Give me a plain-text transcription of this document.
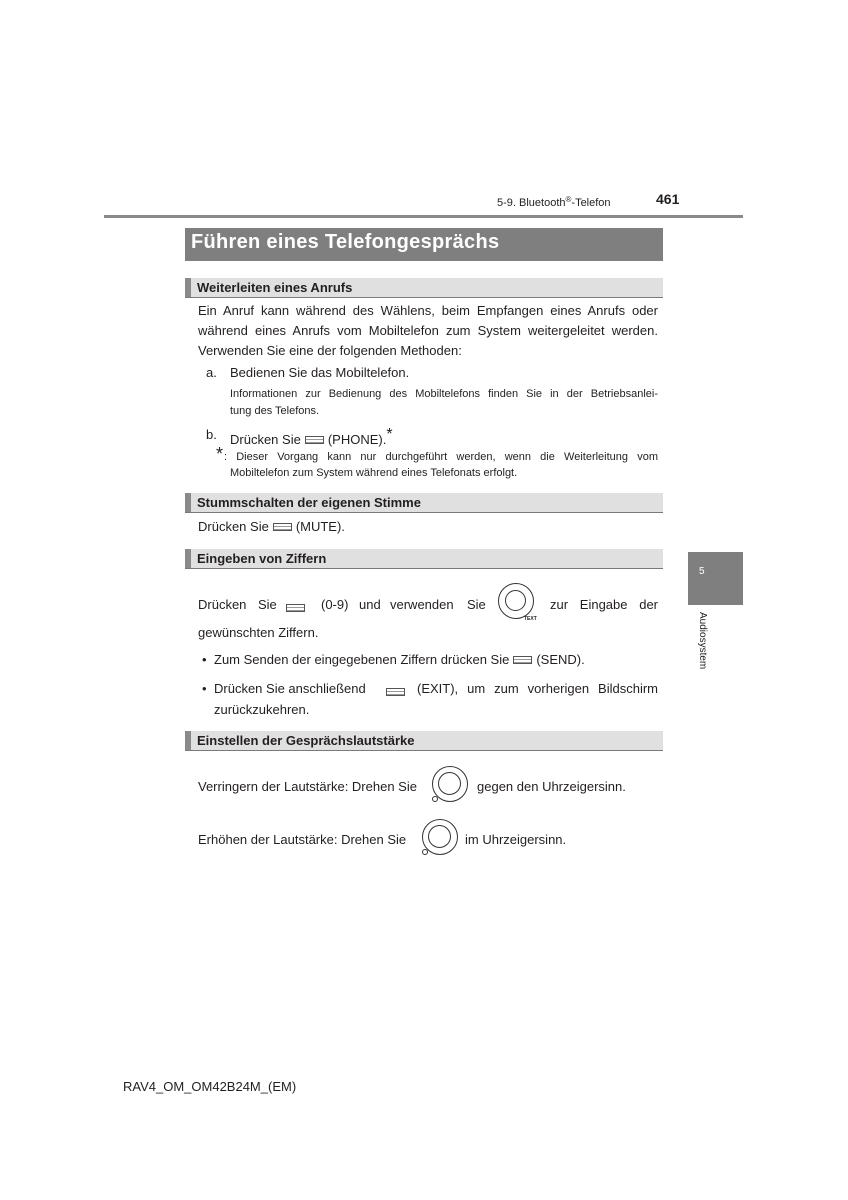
5-9. Bluetooth®-Telefon	461
Führen eines Telefongesprächs
Weiterleiten eines Anrufs
Ein Anruf kann während des Wählens, beim Empfangen eines Anrufs oder
während eines Anrufs vom Mobiltelefon zum System weitergeleitet werden.
Verwenden Sie eine der folgenden Methoden:
a. Bedienen Sie das Mobiltelefon.
Informationen zur Bedienung des Mobiltelefons finden Sie in der Betriebsanlei-
tung des Telefons.
b. Drücken Sie (PHONE).*
* : Dieser Vorgang kann nur durchgeführt werden, wenn die Weiterleitung vom
Mobiltelefon zum System während eines Telefonats erfolgt.
Stummschalten der eigenen Stimme
Drücken Sie (MUTE).
Eingeben von Ziffern
Drücken Sie	(0-9) und verwenden Sie
TEXT
zur Eingabe der
gewünschten Ziffern.
• Zum Senden der eingegebenen Ziffern drücken Sie (SEND).
• Drücken Sie anschließend	(EXIT), um zum vorherigen Bildschirm
zurückzukehren.
Einstellen der Gesprächslautstärke
Verringern der Lautstärke: Drehen Sie	gegen den Uhrzeigersinn.
Erhöhen der Lautstärke: Drehen Sie	im Uhrzeigersinn.
5
Audiosystem
RAV4_OM_OM42B24M_(EM)
